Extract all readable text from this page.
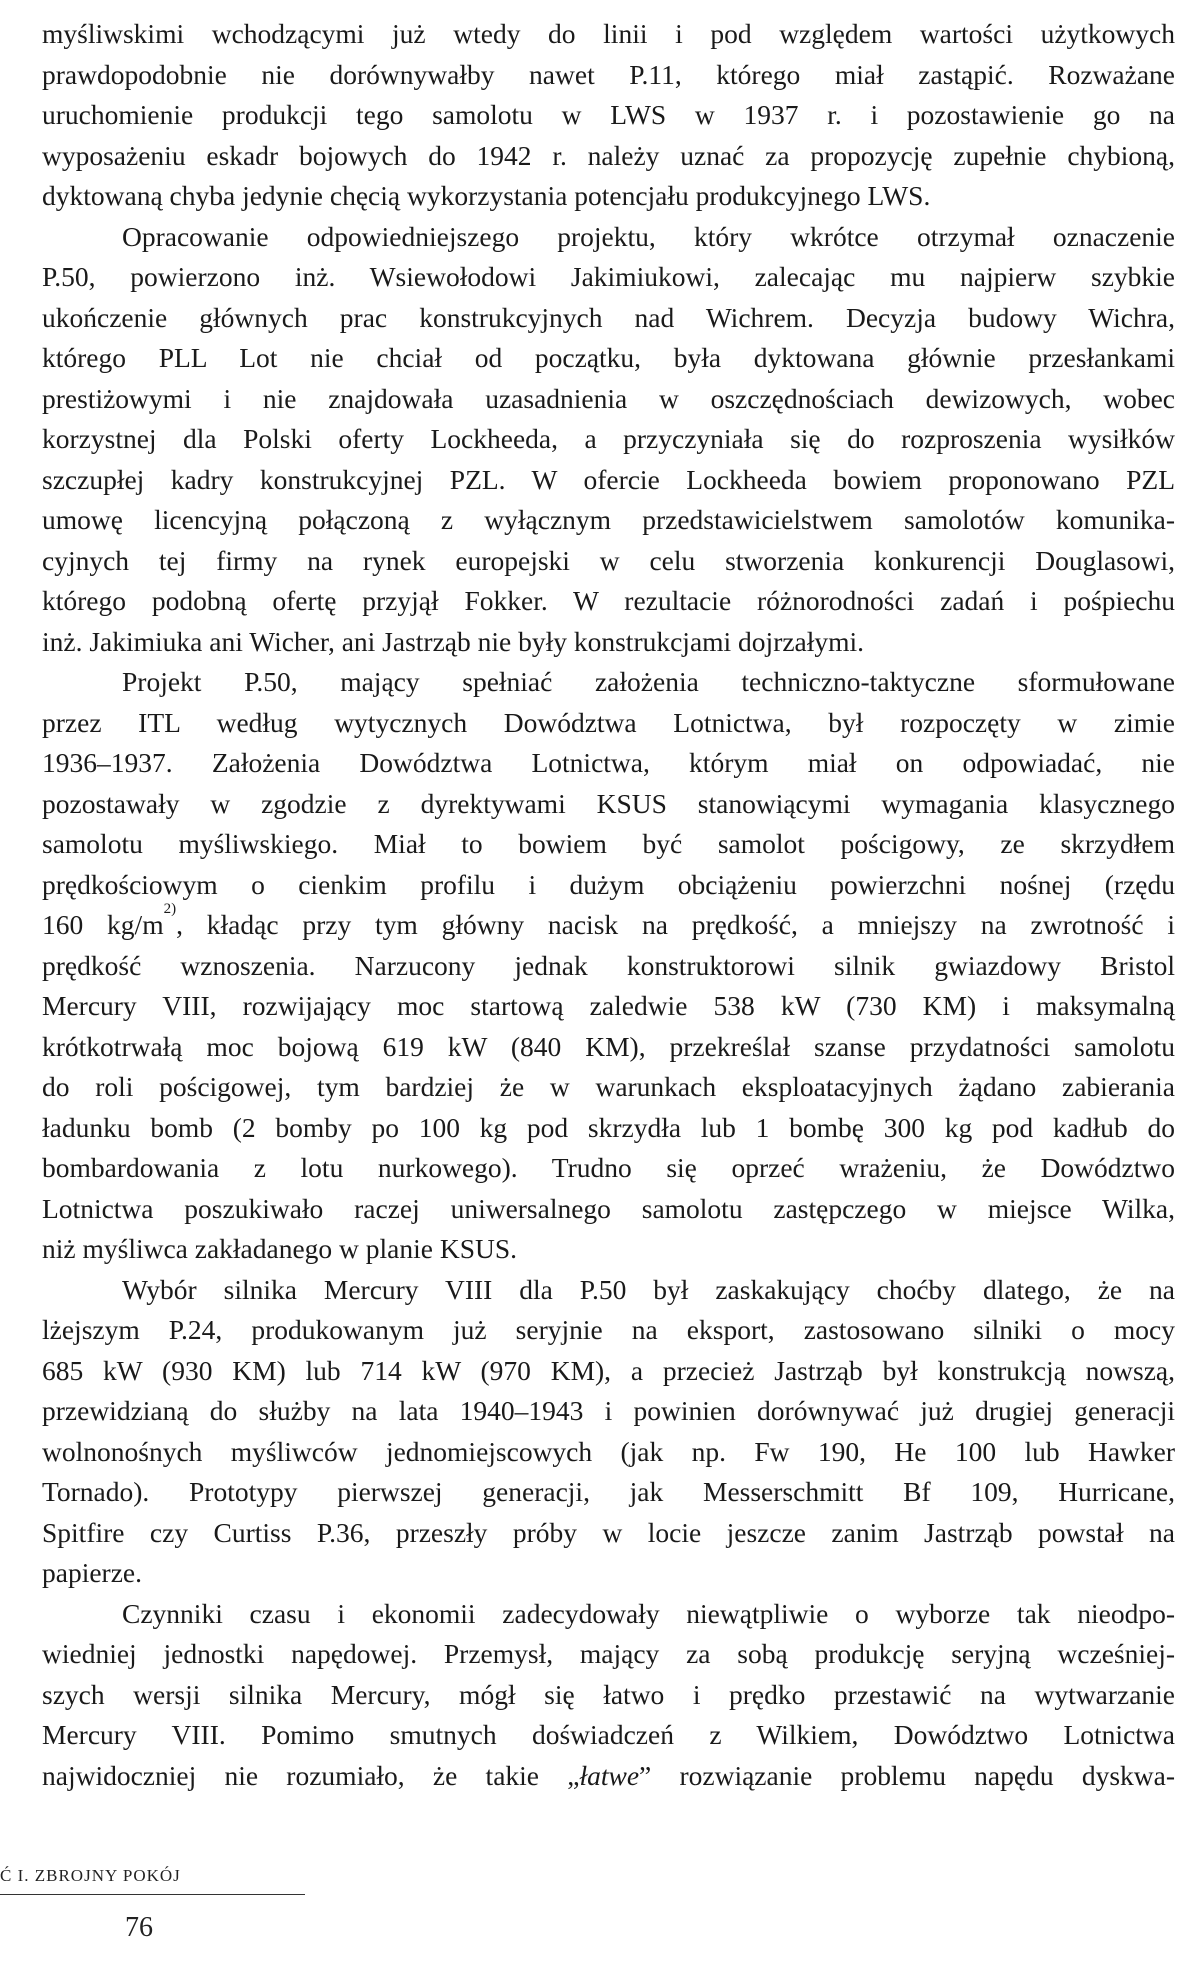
myśliwskimi wchodzącymi już wtedy do linii i pod względem wartości użytkowych
prawdopodobnie nie dorównywałby nawet P.11, którego miał zastąpić. Rozważane
uruchomienie produkcji tego samolotu w LWS w 1937 r. i pozostawienie go na
wyposażeniu eskadr bojowych do 1942 r. należy uznać za propozycję zupełnie chybioną,
dyktowaną chyba jedynie chęcią wykorzystania potencjału produkcyjnego LWS.
Opracowanie odpowiedniejszego projektu, który wkrótce otrzymał oznaczenie
P.50, powierzono inż. Wsiewołodowi Jakimiukowi, zalecając mu najpierw szybkie
ukończenie głównych prac konstrukcyjnych nad Wichrem. Decyzja budowy Wichra,
którego PLL Lot nie chciał od początku, była dyktowana głównie przesłankami
prestiżowymi i nie znajdowała uzasadnienia w oszczędnościach dewizowych, wobec
korzystnej dla Polski oferty Lockheeda, a przyczyniała się do rozproszenia wysiłków
szczupłej kadry konstrukcyjnej PZL. W ofercie Lockheeda bowiem proponowano PZL
umowę licencyjną połączoną z wyłącznym przedstawicielstwem samolotów komunika-
cyjnych tej firmy na rynek europejski w celu stworzenia konkurencji Douglasowi,
którego podobną ofertę przyjął Fokker. W rezultacie różnorodności zadań i pośpiechu
inż. Jakimiuka ani Wicher, ani Jastrząb nie były konstrukcjami dojrzałymi.
Projekt P.50, mający spełniać założenia techniczno-taktyczne sformułowane
przez ITL według wytycznych Dowództwa Lotnictwa, był rozpoczęty w zimie
1936–1937. Założenia Dowództwa Lotnictwa, którym miał on odpowiadać, nie
pozostawały w zgodzie z dyrektywami KSUS stanowiącymi wymagania klasycznego
samolotu myśliwskiego. Miał to bowiem być samolot pościgowy, ze skrzydłem
prędkościowym o cienkim profilu i dużym obciążeniu powierzchni nośnej (rzędu
160 $kg/m^{2)}$, kładąc przy tym główny nacisk na prędkość, a mniejszy na zwrotność i
prędkość wznoszenia. Narzucony jednak konstruktorowi silnik gwiazdowy Bristol
Mercury VIII, rozwijający moc startową zaledwie 538 kW (730 KM) i maksymalną
krótkotrwałą moc bojową 619 kW (840 KM), przekreślał szanse przydatności samolotu
do roli pościgowej, tym bardziej że w warunkach eksploatacyjnych żądano zabierania
ładunku bomb (2 bomby po 100 kg pod skrzydła lub 1 bombę 300 kg pod kadłub do
bombardowania z lotu nurkowego). Trudno się oprzeć wrażeniu, że Dowództwo
Lotnictwa poszukiwało raczej uniwersalnego samolotu zastępczego w miejsce Wilka,
niż myśliwca zakładanego w planie KSUS.
Wybór silnika Mercury VIII dla P.50 był zaskakujący choćby dlatego, że na
lżejszym P.24, produkowanym już seryjnie na eksport, zastosowano silniki o mocy
685 kW (930 KM) lub 714 kW (970 KM), a przecież Jastrząb był konstrukcją nowszą,
przewidzianą do służby na lata 1940–1943 i powinien dorównywać już drugiej generacji
wolnonośnych myśliwców jednomiejscowych (jak np. Fw 190, He 100 lub Hawker
Tornado). Prototypy pierwszej generacji, jak Messerschmitt Bf 109, Hurricane,
Spitfire czy Curtiss P.36, przeszły próby w locie jeszcze zanim Jastrząb powstał na
papierze.
Czynniki czasu i ekonomii zadecydowały niewątpliwie o wyborze tak nieodpo-
wiedniej jednostki napędowej. Przemysł, mający za sobą produkcję seryjną wcześniej-
szych wersji silnika Mercury, mógł się łatwo i prędko przestawić na wytwarzanie
Mercury VIII. Pomimo smutnych doświadczeń z Wilkiem, Dowództwo Lotnictwa
najwidoczniej nie rozumiało, że takie „łatwe” rozwiązanie problemu napędu dyskwa-
Ć I. ZBROJNY POKÓJ
76
